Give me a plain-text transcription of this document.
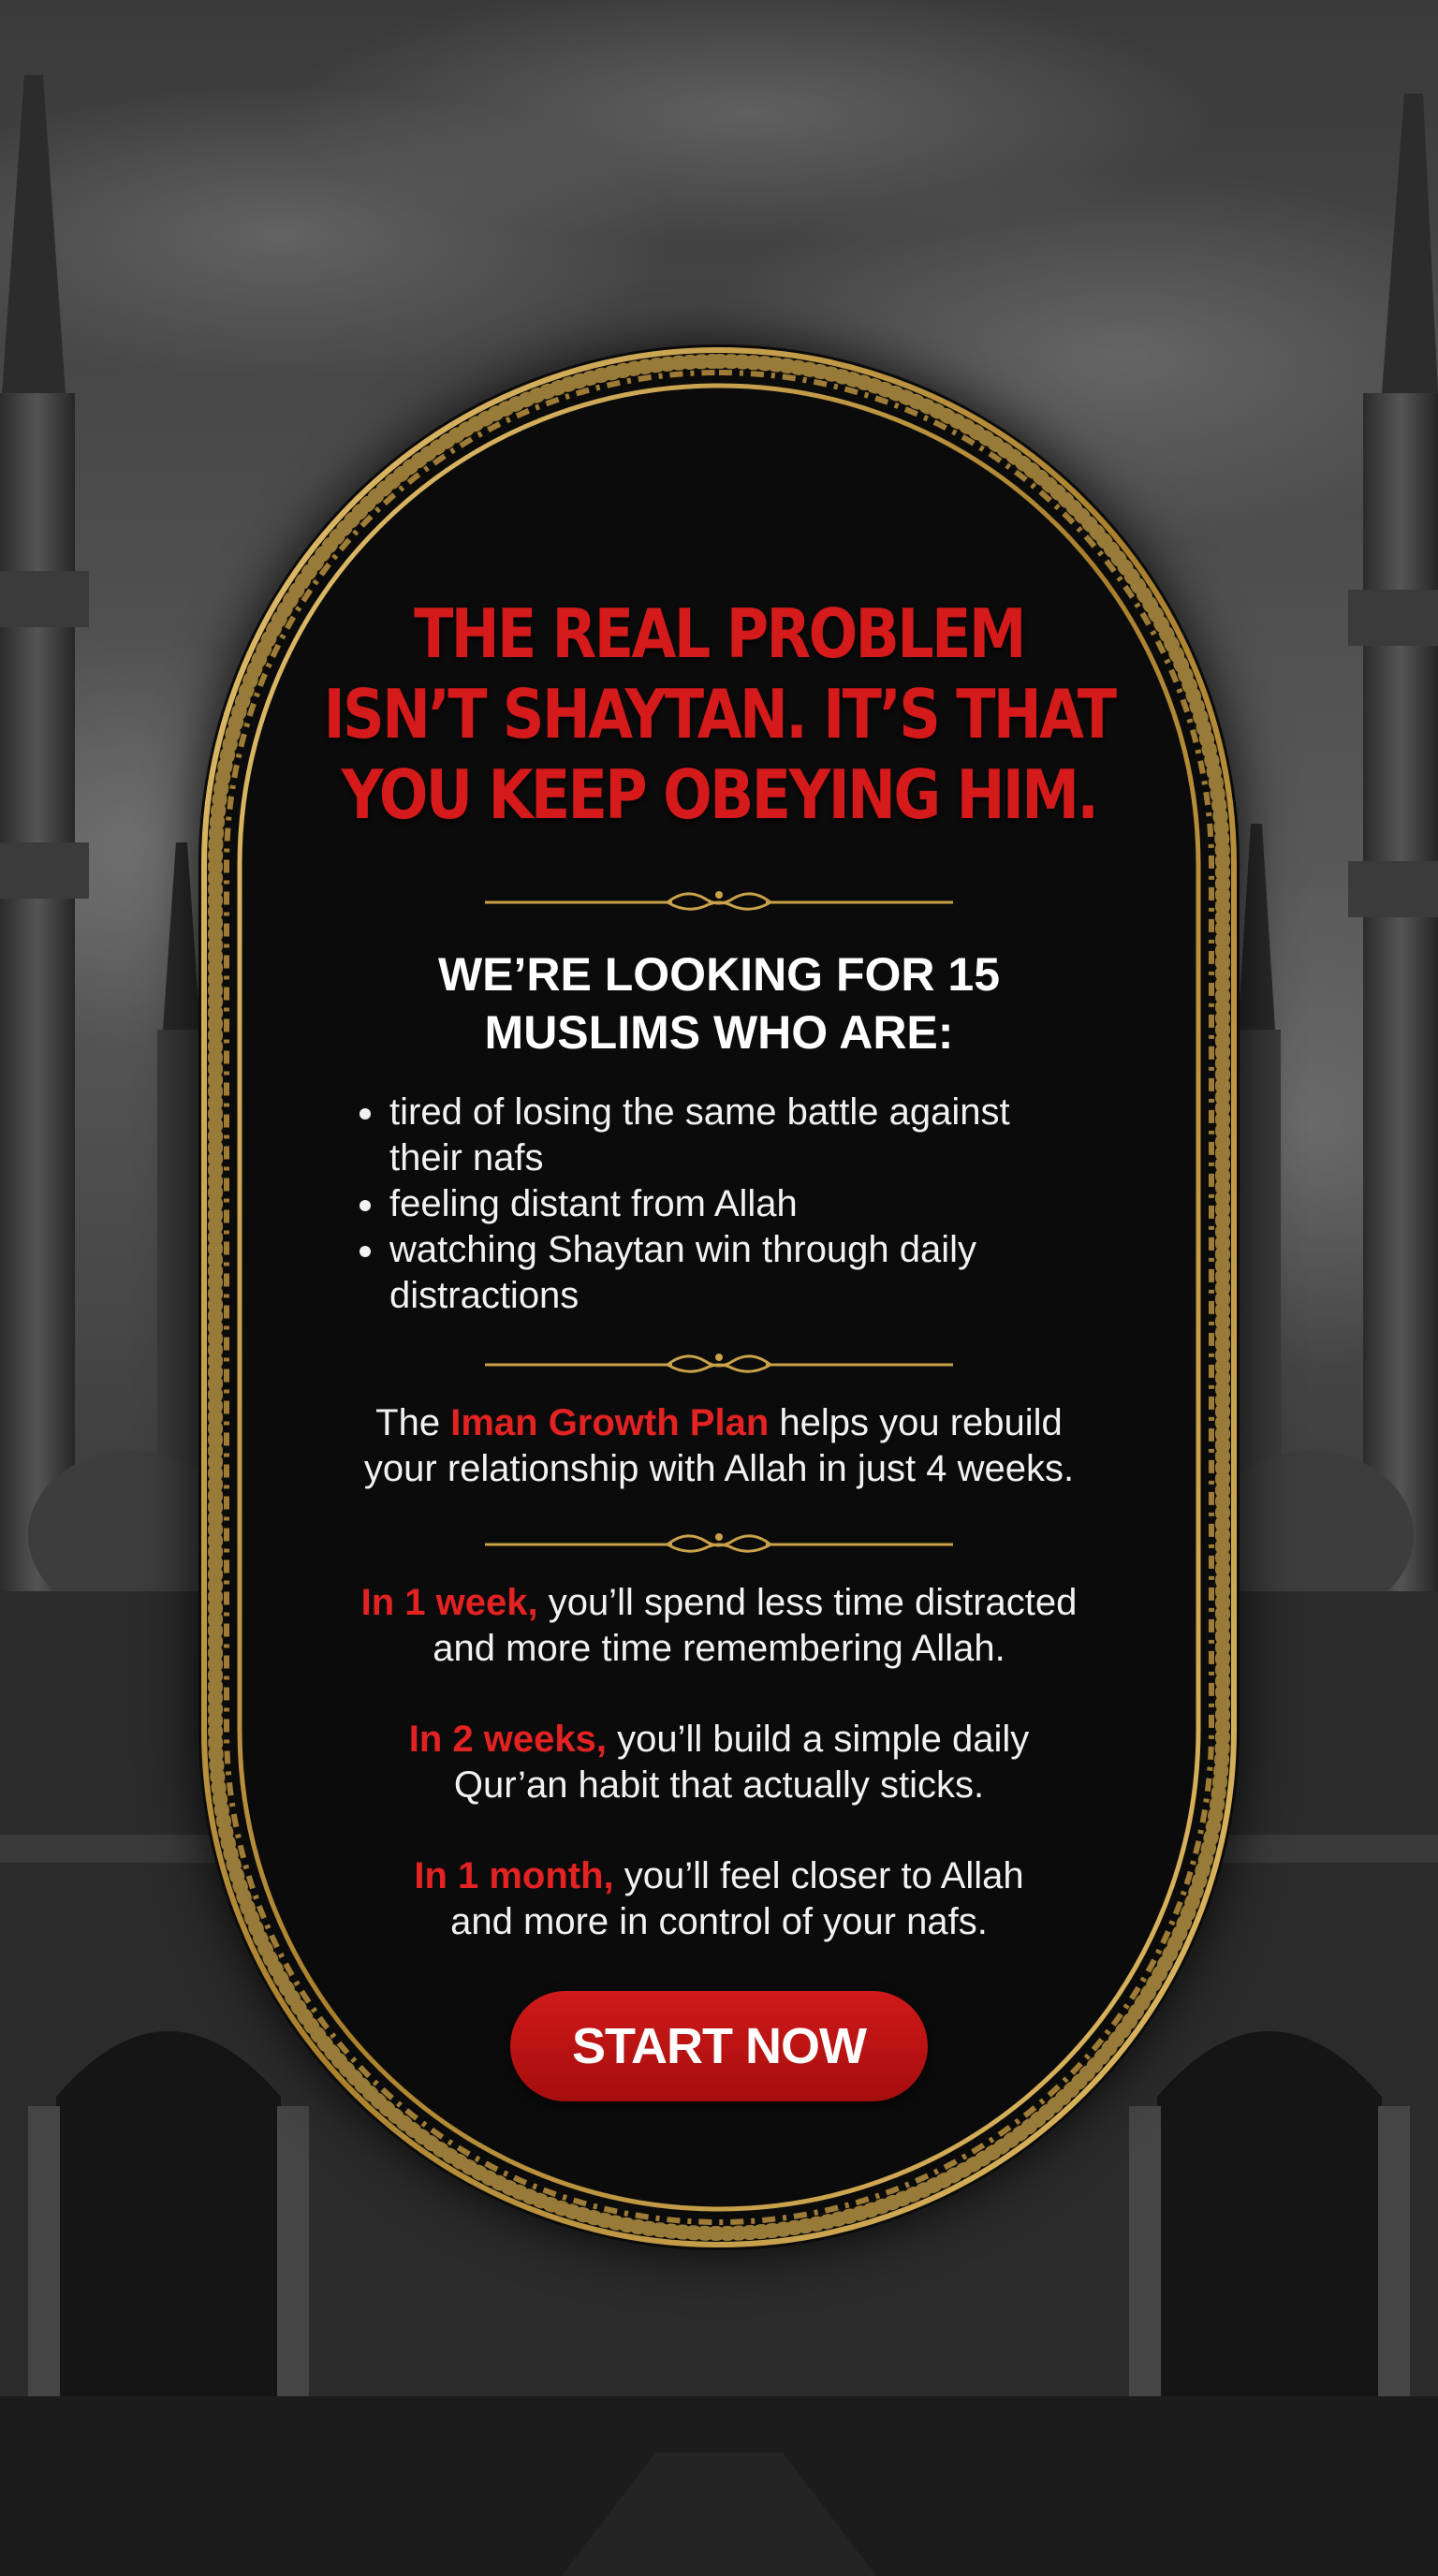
THE REAL PROBLEM
ISN’T SHAYTAN. IT’S THAT
YOU KEEP OBEYING HIM.
WE’RE LOOKING FOR 15
MUSLIMS WHO ARE:
• tired of losing the same battle against
their nafs
• feeling distant from Allah
• watching Shaytan win through daily
distractions
The Iman Growth Plan helps you rebuild
your relationship with Allah in just 4 weeks.
In 1 week, you’ll spend less time distracted
and more time remembering Allah.
In 2 weeks, you’ll build a simple daily
Qur’an habit that actually sticks.
In 1 month, you’ll feel closer to Allah
and more in control of your nafs.
START NOW
